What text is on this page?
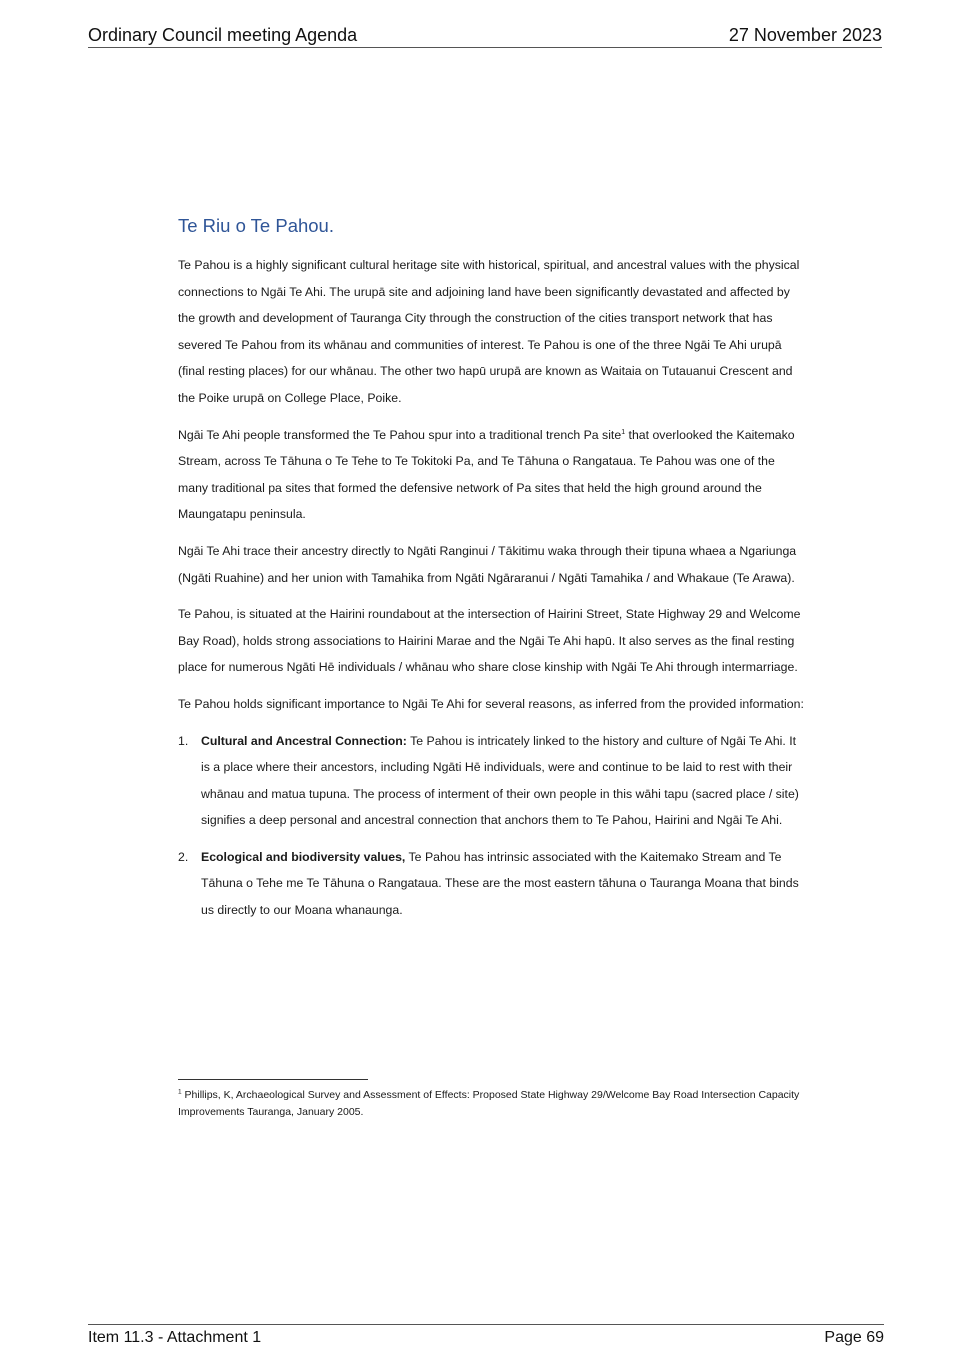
Ordinary Council meeting Agenda	27 November 2023
Te Riu o Te Pahou.

Te Pahou is a highly significant cultural heritage site with historical, spiritual, and ancestral values with the physical connections to Ngāi Te Ahi. The urupā site and adjoining land have been significantly devastated and affected by the growth and development of Tauranga City through the construction of the cities transport network that has severed Te Pahou from its whānau and communities of interest. Te Pahou is one of the three Ngāi Te Ahi urupā (final resting places) for our whānau. The other two hapū urupā are known as Waitaia on Tutauanui Crescent and the Poike urupā on College Place, Poike.

Ngāi Te Ahi people transformed the Te Pahou spur into a traditional trench Pa site$^1$ that overlooked the Kaitemako Stream, across Te Tāhuna o Te Tehe to Te Tokitoki Pa, and Te Tāhuna o Rangataua. Te Pahou was one of the many traditional pa sites that formed the defensive network of Pa sites that held the high ground around the Maungatapu peninsula.

Ngāi Te Ahi trace their ancestry directly to Ngāti Ranginui / Tākitimu waka through their tipuna whaea a Ngariunga (Ngāti Ruahine) and her union with Tamahika from Ngāti Ngāraranui / Ngāti Tamahika / and Whakaue (Te Arawa).

Te Pahou, is situated at the Hairini roundabout at the intersection of Hairini Street, State Highway 29 and Welcome Bay Road), holds strong associations to Hairini Marae and the Ngāi Te Ahi hapū. It also serves as the final resting place for numerous Ngāti Hē individuals / whānau who share close kinship with Ngāi Te Ahi through intermarriage.

Te Pahou holds significant importance to Ngāi Te Ahi for several reasons, as inferred from the provided information:

1. Cultural and Ancestral Connection: Te Pahou is intricately linked to the history and culture of Ngāi Te Ahi. It is a place where their ancestors, including Ngāti Hē individuals, were and continue to be laid to rest with their whānau and matua tupuna. The process of interment of their own people in this wāhi tapu (sacred place / site) signifies a deep personal and ancestral connection that anchors them to Te Pahou, Hairini and Ngāi Te Ahi.
2. Ecological and biodiversity values, Te Pahou has intrinsic associated with the Kaitemako Stream and Te Tāhuna o Tehe me Te Tāhuna o Rangataua. These are the most eastern tāhuna o Tauranga Moana that binds us directly to our Moana whanaunga.
$^1$ Phillips, K, Archaeological Survey and Assessment of Effects: Proposed State Highway 29/Welcome Bay Road Intersection Capacity Improvements Tauranga, January 2005.
Item 11.3 - Attachment 1	Page 69
